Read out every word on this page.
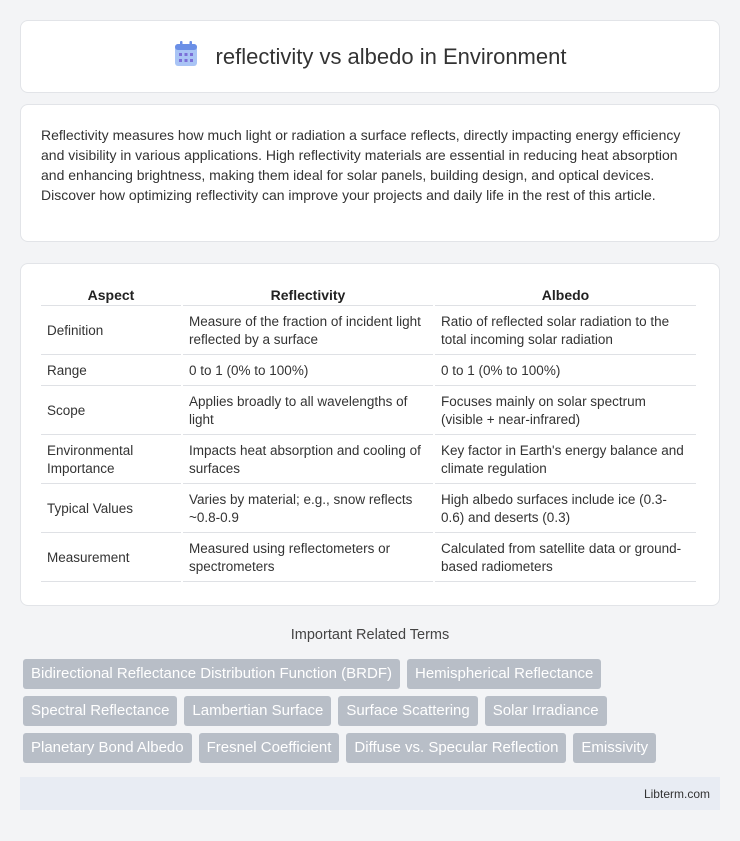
reflectivity vs albedo in Environment

Reflectivity measures how much light or radiation a surface reflects, directly impacting energy efficiency and visibility in various applications. High reflectivity materials are essential in reducing heat absorption and enhancing brightness, making them ideal for solar panels, building design, and optical devices. Discover how optimizing reflectivity can improve your projects and daily life in the rest of this article.

Aspect	Reflectivity	Albedo
Definition	Measure of the fraction of incident light reflected by a surface	Ratio of reflected solar radiation to the total incoming solar radiation
Range	0 to 1 (0% to 100%)	0 to 1 (0% to 100%)
Scope	Applies broadly to all wavelengths of light	Focuses mainly on solar spectrum (visible + near-infrared)
Environmental Importance	Impacts heat absorption and cooling of surfaces	Key factor in Earth's energy balance and climate regulation
Typical Values	Varies by material; e.g., snow reflects ~0.8-0.9	High albedo surfaces include ice (0.3-0.6) and deserts (0.3)
Measurement	Measured using reflectometers or spectrometers	Calculated from satellite data or ground-based radiometers
Important Related Terms
Bidirectional Reflectance Distribution Function (BRDF)	Hemispherical Reflectance
Spectral Reflectance	Lambertian Surface	Surface Scattering	Solar Irradiance
Planetary Bond Albedo	Fresnel Coefficient	Diffuse vs. Specular Reflection	Emissivity
Libterm.com
